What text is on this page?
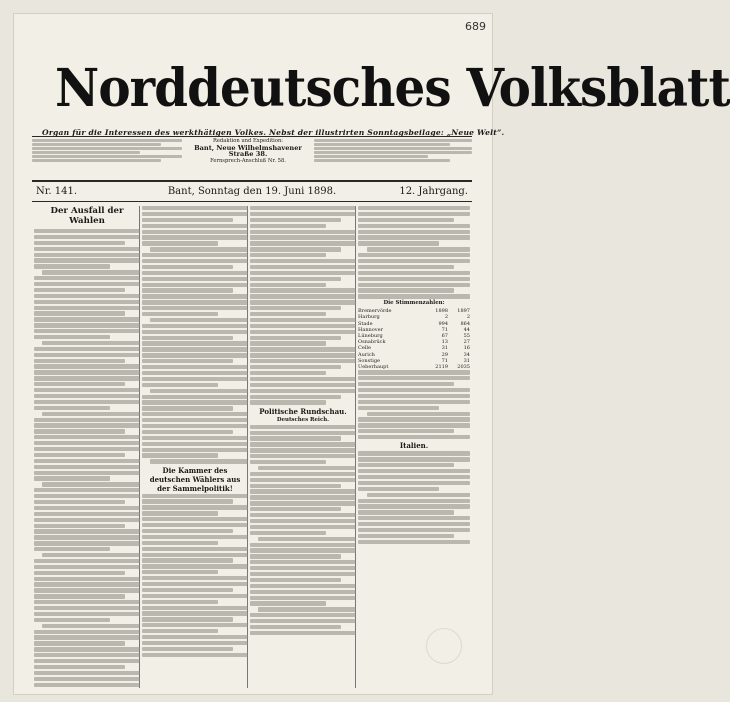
689
Norddeutsches Volksblatt
Organ für die Interessen des werkthätigen Volkes. Nebst der illustrirten Sonntagsbeilage: „Neue Welt“.
Redaktion und Expedition:
Bant, Neue Wilhelmshavener Straße 38.
Fernsprech-Anschluß Nr. 58.
Nr. 141.	Bant, Sonntag den 19. Juni 1898.	12. Jahrgang.
Der Ausfall der Wahlen
Die Kammer des deutschen Wählers aus der Sammelpolitik!
Politische Rundschau.
Deutsches Reich.
Die Stimmenzahlen:
Bremervörde	1898	1897
Harburg	2	2
Stade	994	864
Hannover	71	44
Lüneburg	67	55
Osnabrück	13	27
Celle	31	16
Aurich	29	34
Sonstige	71	31
Ueberhaupt	2119	2035
Italien.
